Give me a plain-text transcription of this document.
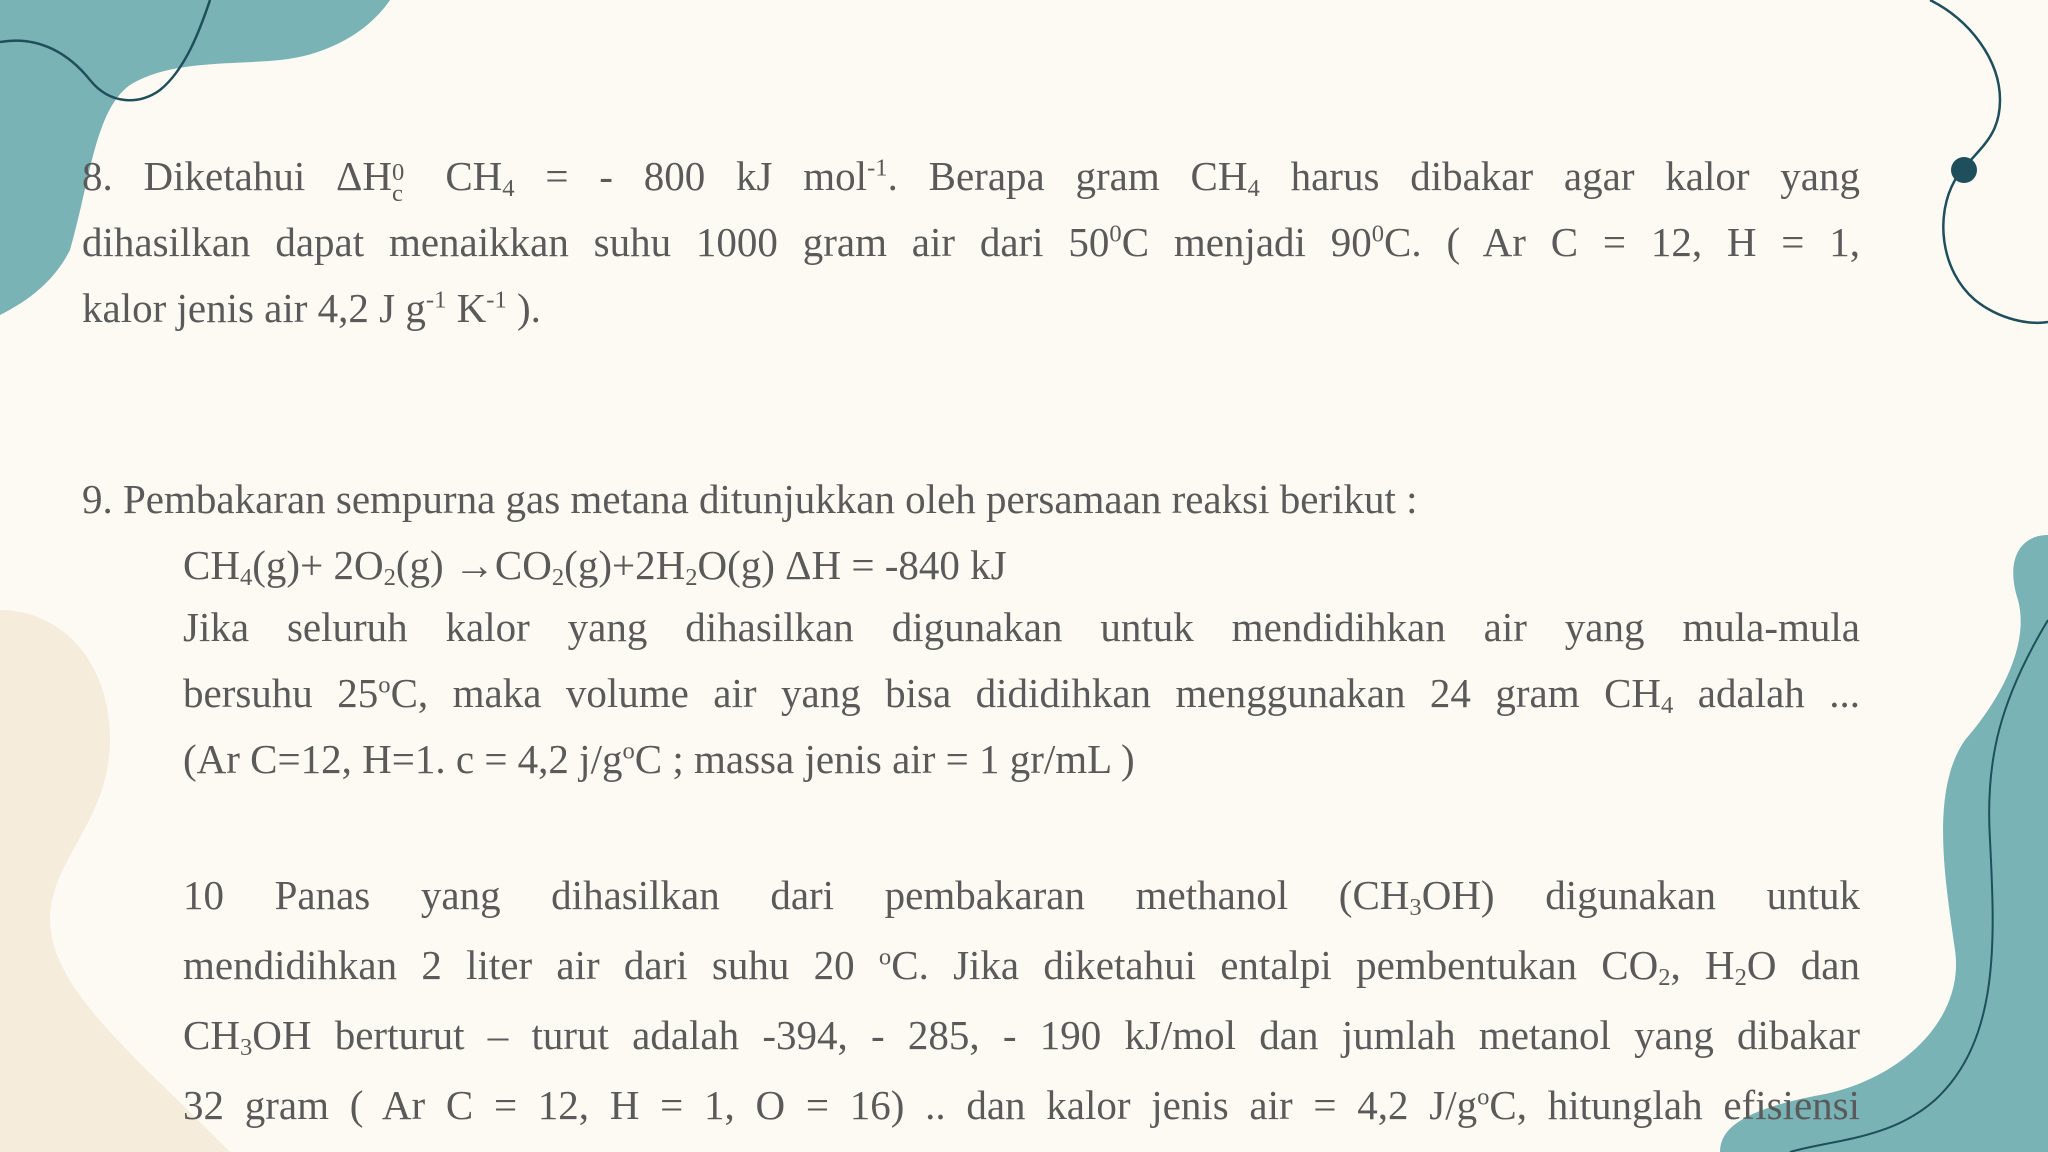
8. Diketahui ΔH 0
c $CH_4$ = - 800 kJ mol$^{-1}$. Berapa gram $CH_4$ harus dibakar agar kalor yang

dihasilkan dapat menaikkan suhu 1000 gram air dari $50^0C$ menjadi $90^0C$. ( Ar C = 12, H = 1,

kalor jenis air 4,2 J $g^{-1}$ $K^{-1}$ ).

9. Pembakaran sempurna gas metana ditunjukkan oleh persamaan reaksi berikut :

$CH_4(g)+ 2O_2(g) \to CO_2(g)+2H_2O(g) \Delta H = -840$ kJ

Jika seluruh kalor yang dihasilkan digunakan untuk mendidihkan air yang mula-mula

bersuhu 25$^o$C, maka volume air yang bisa dididihkan menggunakan 24 gram $CH_4$ adalah ...

(Ar C=12, H=1. c = 4,2 $j/g^oC$ ; massa jenis air = 1 gr/mL )

10 Panas yang dihasilkan dari pembakaran methanol $(CH_3OH)$ digunakan untuk

mendidihkan 2 liter air dari suhu 20 $^o$C. Jika diketahui entalpi pembentukan $CO_2$, $H_2O$ dan

$CH_3OH$ berturut – turut adalah -394, - 285, - 190 kJ/mol dan jumlah metanol yang dibakar

32 gram ( Ar C = 12, H = 1, O = 16) .. dan kalor jenis air = 4,2 $J/g^oC$, hitunglah efisiensi
